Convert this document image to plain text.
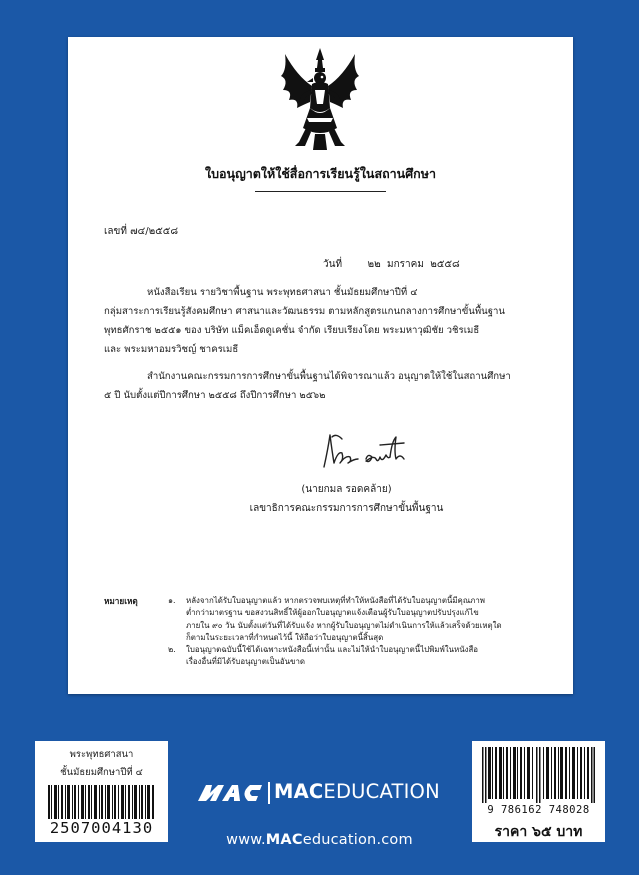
ใบอนุญาตให้ใช้สื่อการเรียนรู้ในสถานศึกษา
เลขที่ ๗๔/๒๕๕๘
วันที่        ๒๒  มกราคม  ๒๕๕๘

หนังสือเรียน รายวิชาพื้นฐาน พระพุทธศาสนา ชั้นมัธยมศึกษาปีที่ ๔
กลุ่มสาระการเรียนรู้สังคมศึกษา ศาสนาและวัฒนธรรม ตามหลักสูตรแกนกลางการศึกษาขั้นพื้นฐาน
พุทธศักราช ๒๕๕๑ ของ บริษัท แม็คเอ็ดดูเคชั่น จำกัด เรียบเรียงโดย พระมหาวุฒิชัย วชิรเมธี
และ พระมหาอมรวิชญ์ ชาครเมธี

สำนักงานคณะกรรมการการศึกษาขั้นพื้นฐานได้พิจารณาแล้ว อนุญาตให้ใช้ในสถานศึกษา
๕ ปี นับตั้งแต่ปีการศึกษา ๒๕๕๘ ถึงปีการศึกษา ๒๕๖๒

(นายกมล รอดคล้าย)
เลขาธิการคณะกรรมการการศึกษาขั้นพื้นฐาน
หมายเหตุ	๑. หลังจากได้รับใบอนุญาตแล้ว หากตรวจพบเหตุที่ทำให้หนังสือที่ได้รับใบอนุญาตนี้มีคุณภาพ
ต่ำกว่ามาตรฐาน ขอสงวนสิทธิ์ให้ผู้ออกใบอนุญาตแจ้งเตือนผู้รับใบอนุญาตปรับปรุงแก้ไข
ภายใน ๙๐ วัน นับตั้งแต่วันที่ได้รับแจ้ง หากผู้รับใบอนุญาตไม่ดำเนินการให้แล้วเสร็จด้วยเหตุใด
ก็ตามในระยะเวลาที่กำหนดไว้นี้ ให้ถือว่าใบอนุญาตนี้สิ้นสุด
๒. ใบอนุญาตฉบับนี้ใช้ได้เฉพาะหนังสือนี้เท่านั้น และไม่ให้นำใบอนุญาตนี้ไปพิมพ์ในหนังสือ
เรื่องอื่นที่มิได้รับอนุญาตเป็นอันขาด
พระพุทธศาสนา
ชั้นมัธยมศึกษาปีที่ ๔
2507004130
MACEDUCATION
www.MACeducation.com
9 786162 748028
ราคา ๖๕ บาท
